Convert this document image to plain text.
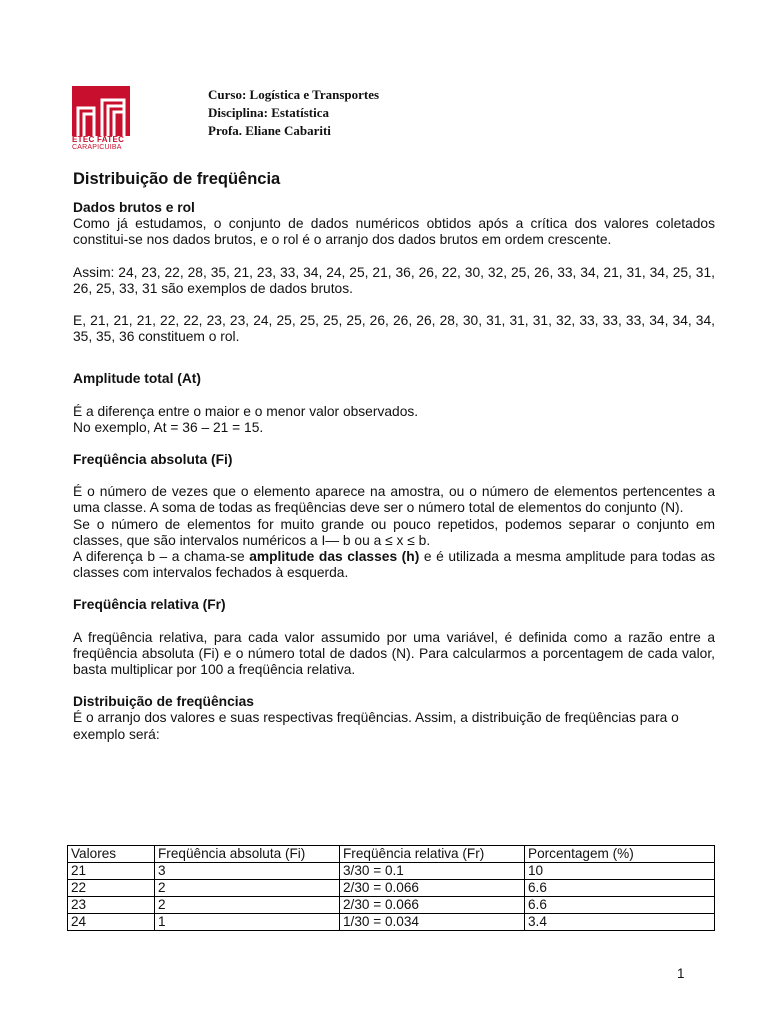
ETEC FATEC
CARAPICUIBA
Curso: Logística e Transportes
Disciplina: Estatística
Profa. Eliane Cabariti

Distribuição de freqüência

Dados brutos e rol

Como já estudamos, o conjunto de dados numéricos obtidos após a crítica dos valores coletados constitui-se nos dados brutos, e o rol é o arranjo dos dados brutos em ordem crescente.

Assim: 24, 23, 22, 28, 35, 21, 23, 33, 34, 24, 25, 21, 36, 26, 22, 30, 32, 25, 26, 33, 34, 21, 31, 34, 25, 31, 26, 25, 33, 31 são exemplos de dados brutos.

E, 21, 21, 21, 22, 22, 23, 23, 24, 25, 25, 25, 25, 26, 26, 26, 28, 30, 31, 31, 31, 32, 33, 33, 33, 34, 34, 34, 35, 35, 36 constituem o rol.

Amplitude total (At)

É a diferença entre o maior e o menor valor observados.

No exemplo, At = 36 – 21 = 15.

Freqüência absoluta (Fi)

É o número de vezes que o elemento aparece na amostra, ou o número de elementos pertencentes a uma classe. A soma de todas as freqüências deve ser o número total de elementos do conjunto (N).

Se o número de elementos for muito grande ou pouco repetidos, podemos separar o conjunto em classes, que são intervalos numéricos a I— b ou a ≤ x ≤ b.

A diferença b – a chama-se amplitude das classes (h) e é utilizada a mesma amplitude para todas as classes com intervalos fechados à esquerda.

Freqüência relativa (Fr)

A freqüência relativa, para cada valor assumido por uma variável, é definida como a razão entre a freqüência absoluta (Fi) e o número total de dados (N). Para calcularmos a porcentagem de cada valor, basta multiplicar por 100 a freqüência relativa.

Distribuição de freqüências

É o arranjo dos valores e suas respectivas freqüências. Assim, a distribuição de freqüências para o exemplo será:

Valores	Freqüência absoluta (Fi)	Freqüência relativa (Fr)	Porcentagem (%)
21	3	3/30 = 0.1	10
22	2	2/30 = 0.066	6.6
23	2	2/30 = 0.066	6.6
24	1	1/30 = 0.034	3.4
1
